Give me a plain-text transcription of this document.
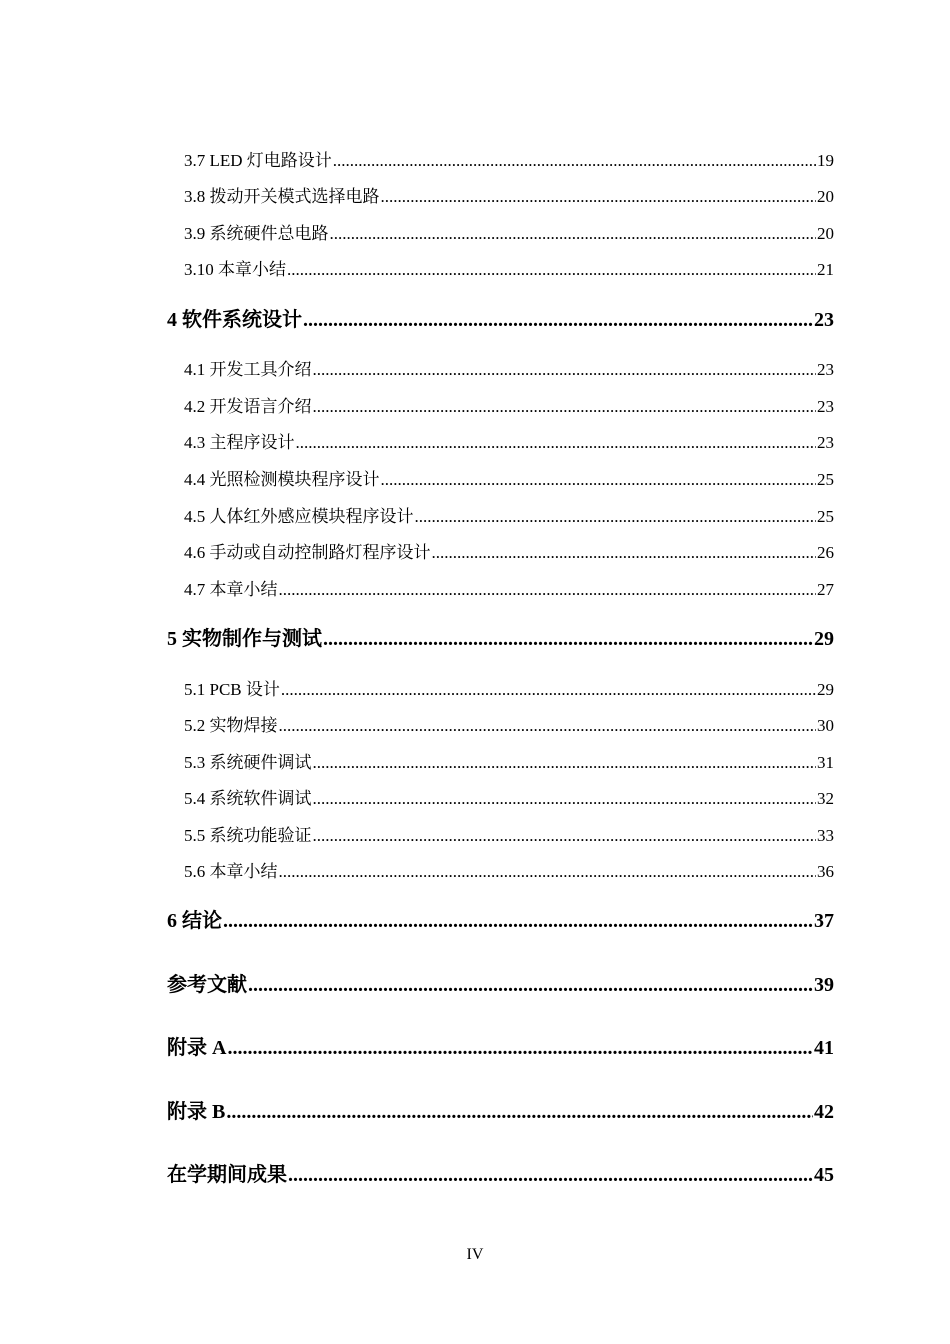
3.7 LED 灯电路设计 .....	19
3.8 拨动开关模式选择电路 .....	20
3.9 系统硬件总电路 .....	20
3.10 本章小结 .....	21
4 软件系统设计 .....	23
4.1 开发工具介绍 .....	23
4.2 开发语言介绍 .....	23
4.3 主程序设计 .....	23
4.4 光照检测模块程序设计 .....	25
4.5 人体红外感应模块程序设计 .....	25
4.6 手动或自动控制路灯程序设计 .....	26
4.7 本章小结 .....	27
5 实物制作与测试 .....	29
5.1 PCB 设计 .....	29
5.2 实物焊接 .....	30
5.3 系统硬件调试 .....	31
5.4 系统软件调试 .....	32
5.5 系统功能验证 .....	33
5.6 本章小结 .....	36
6 结论 .....	37
参考文献 .....	39
附录 A .....	41
附录 B .....	42
在学期间成果 .....	45
IV
